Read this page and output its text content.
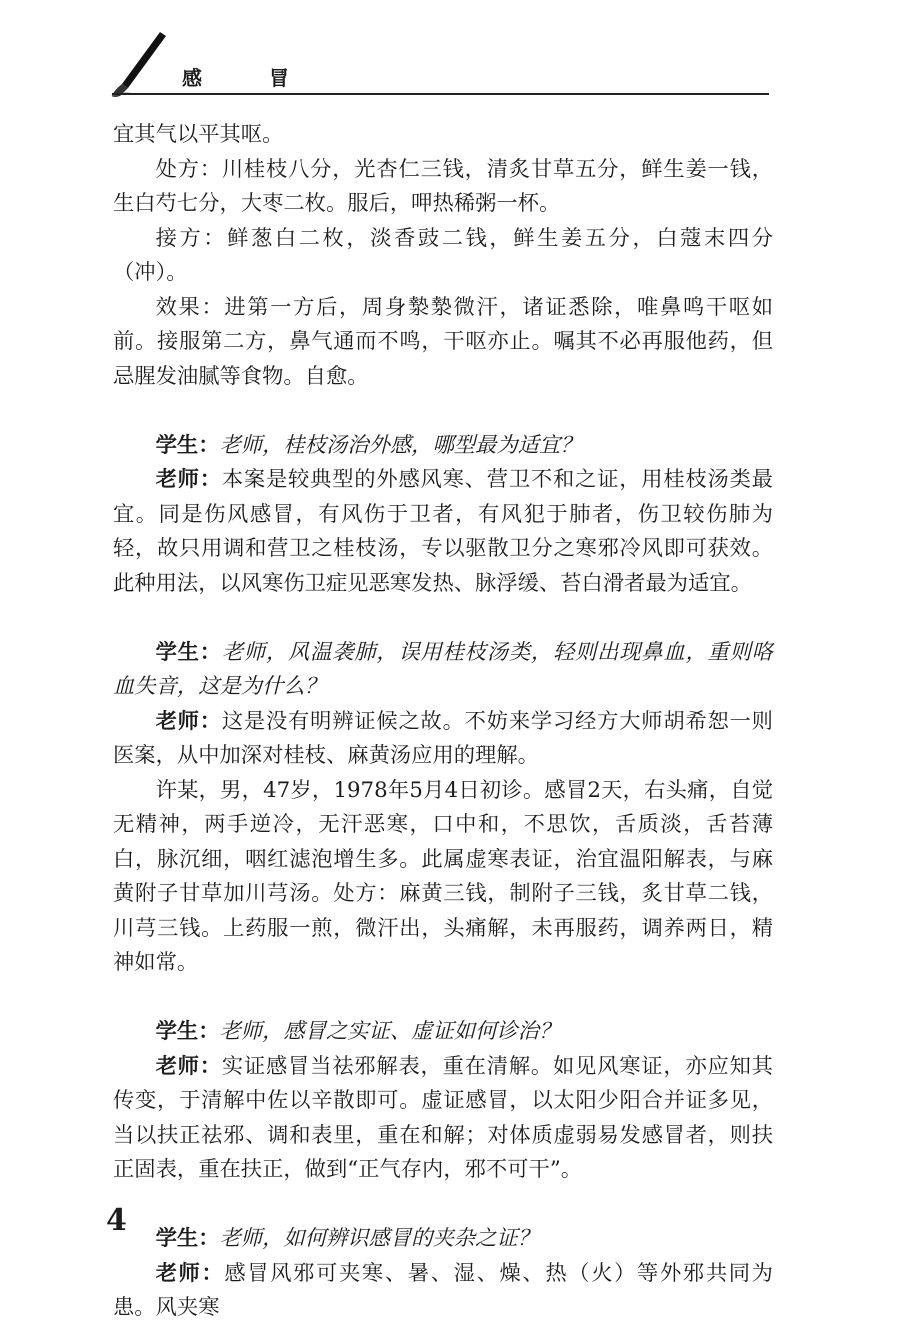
感 冒

宜其气以平其呕。

处方：川桂枝八分，光杏仁三钱，清炙甘草五分，鲜生姜一钱，生白芍七分，大枣二枚。服后，呷热稀粥一杯。

接方：鲜葱白二枚，淡香豉二钱，鲜生姜五分，白蔻末四分（冲）。

效果：进第一方后，周身漐漐微汗，诸证悉除，唯鼻鸣干呕如前。接服第二方，鼻气通而不鸣，干呕亦止。嘱其不必再服他药，但忌腥发油腻等食物。自愈。

学生：老师，桂枝汤治外感，哪型最为适宜？

老师：本案是较典型的外感风寒、营卫不和之证，用桂枝汤类最宜。同是伤风感冒，有风伤于卫者，有风犯于肺者，伤卫较伤肺为轻，故只用调和营卫之桂枝汤，专以驱散卫分之寒邪冷风即可获效。此种用法，以风寒伤卫症见恶寒发热、脉浮缓、苔白滑者最为适宜。

学生：老师，风温袭肺，误用桂枝汤类，轻则出现鼻血，重则咯血失音，这是为什么？

老师：这是没有明辨证候之故。不妨来学习经方大师胡希恕一则医案，从中加深对桂枝、麻黄汤应用的理解。

许某，男，47岁，1978年5月4日初诊。感冒2天，右头痛，自觉无精神，两手逆冷，无汗恶寒，口中和，不思饮，舌质淡，舌苔薄白，脉沉细，咽红滤泡增生多。此属虚寒表证，治宜温阳解表，与麻黄附子甘草加川芎汤。处方：麻黄三钱，制附子三钱，炙甘草二钱，川芎三钱。上药服一煎，微汗出，头痛解，未再服药，调养两日，精神如常。

学生：老师，感冒之实证、虚证如何诊治？

老师：实证感冒当祛邪解表，重在清解。如见风寒证，亦应知其传变，于清解中佐以辛散即可。虚证感冒，以太阳少阳合并证多见，当以扶正祛邪、调和表里，重在和解；对体质虚弱易发感冒者，则扶正固表，重在扶正，做到“正气存内，邪不可干”。

学生：老师，如何辨识感冒的夹杂之证？

老师：感冒风邪可夹寒、暑、湿、燥、热（火）等外邪共同为患。风夹寒

4
